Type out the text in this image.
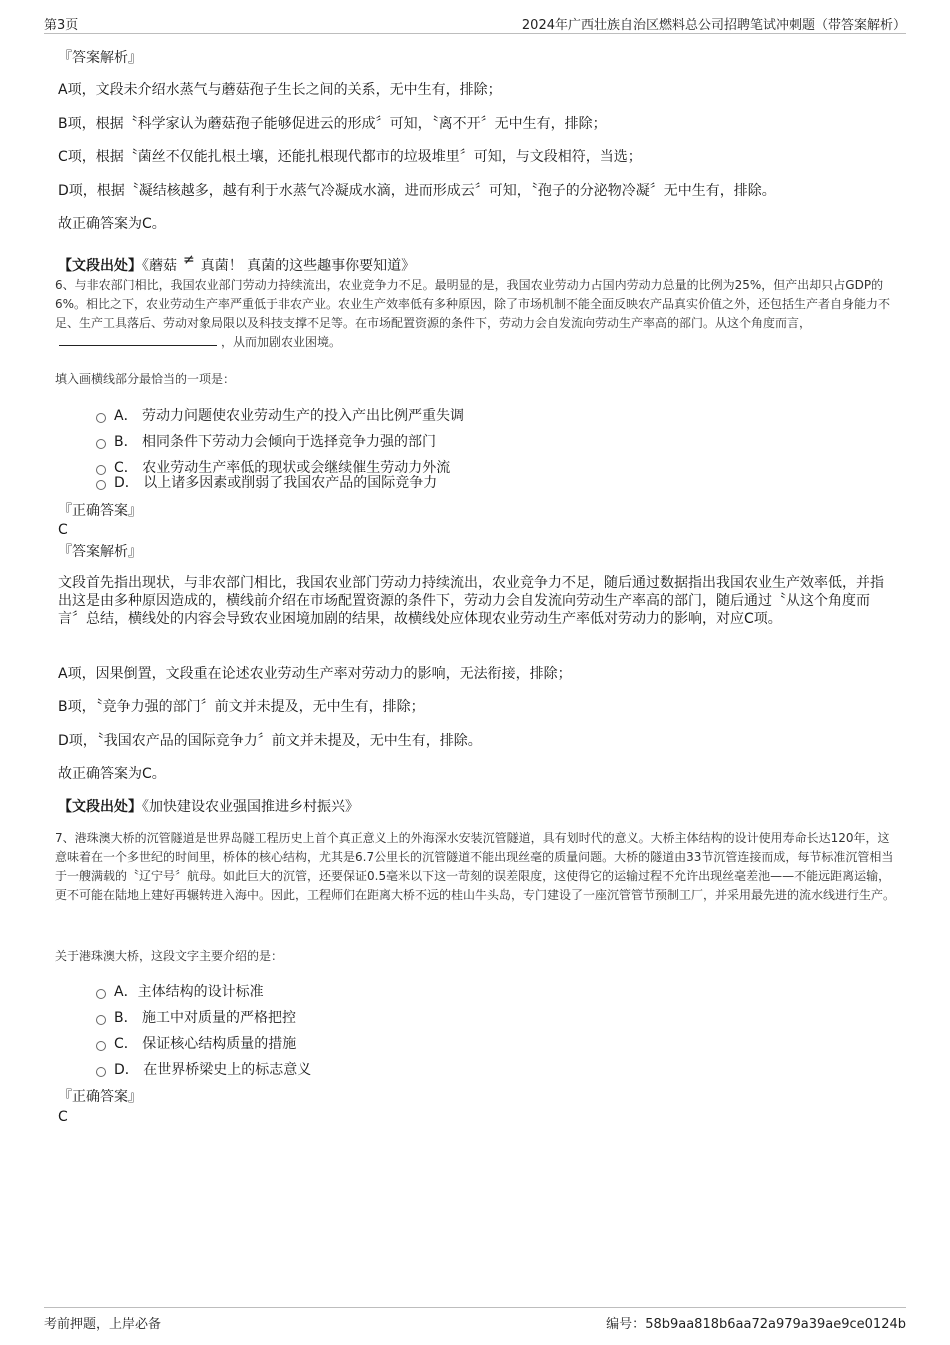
第3页	2024年广西壮族自治区燃料总公司招聘笔试冲刺题（带答案解析）
『答案解析』
A项，文段未介绍水蒸气与蘑菇孢子生长之间的关系，无中生有，排除；
B项，根据〝科学家认为蘑菇孢子能够促进云的形成〞可知，〝离不开〞无中生有，排除；
C项，根据〝菌丝不仅能扎根土壤，还能扎根现代都市的垃圾堆里〞可知，与文段相符，当选；
D项，根据〝凝结核越多，越有利于水蒸气冷凝成水滴，进而形成云〞可知，〝孢子的分泌物冷凝〞无中生有，排除。
故正确答案为C。
【文段出处】《蘑菇 ≠ 真菌！ 真菌的这些趣事你要知道》
6、与非农部门相比，我国农业部门劳动力持续流出，农业竞争力不足。最明显的是，我国农业劳动力占国内劳动力总量的比例为25%，但产出却只占GDP的6%。相比之下，农业劳动生产率严重低于非农产业。农业生产效率低有多种原因，除了市场机制不能全面反映农产品真实价值之外，还包括生产者自身能力不足、生产工具落后、劳动对象局限以及科技支撑不足等。在市场配置资源的条件下，劳动力会自发流向劳动生产率高的部门。从这个角度而言，，从而加剧农业困境。
填入画横线部分最恰当的一项是：
A． 劳动力问题使农业劳动生产的投入产出比例严重失调
B． 相同条件下劳动力会倾向于选择竞争力强的部门
C． 农业劳动生产率低的现状或会继续催生劳动力外流
D． 以上诸多因素或削弱了我国农产品的国际竞争力
『正确答案』
C
『答案解析』
文段首先指出现状，与非农部门相比，我国农业部门劳动力持续流出，农业竞争力不足，随后通过数据指出我国农业生产效率低，并指出这是由多种原因造成的，横线前介绍在市场配置资源的条件下，劳动力会自发流向劳动生产率高的部门，随后通过〝从这个角度而言〞总结，横线处的内容会导致农业困境加剧的结果，故横线处应体现农业劳动生产率低对劳动力的影响，对应C项。
A项，因果倒置，文段重在论述农业劳动生产率对劳动力的影响，无法衔接，排除；
B项，〝竞争力强的部门〞前文并未提及，无中生有，排除；
D项，〝我国农产品的国际竞争力〞前文并未提及，无中生有，排除。
故正确答案为C。
【文段出处】《加快建设农业强国推进乡村振兴》
7、港珠澳大桥的沉管隧道是世界岛隧工程历史上首个真正意义上的外海深水安装沉管隧道，具有划时代的意义。大桥主体结构的设计使用寿命长达120年，这意味着在一个多世纪的时间里，桥体的核心结构，尤其是6.7公里长的沉管隧道不能出现丝毫的质量问题。大桥的隧道由33节沉管连接而成，每节标准沉管相当于一艘满载的〝辽宁号〞航母。如此巨大的沉管，还要保证0.5毫米以下这一苛刻的误差限度，这使得它的运输过程不允许出现丝毫差池——不能远距离运输，更不可能在陆地上建好再辗转进入海中。因此，工程师们在距离大桥不远的桂山牛头岛，专门建设了一座沉管管节预制工厂，并采用最先进的流水线进行生产。
关于港珠澳大桥，这段文字主要介绍的是：
A．主体结构的设计标准
B． 施工中对质量的严格把控
C． 保证核心结构质量的措施
D． 在世界桥梁史上的标志意义
『正确答案』
C
考前押题，上岸必备	编号：58b9aa818b6aa72a979a39ae9ce0124b
